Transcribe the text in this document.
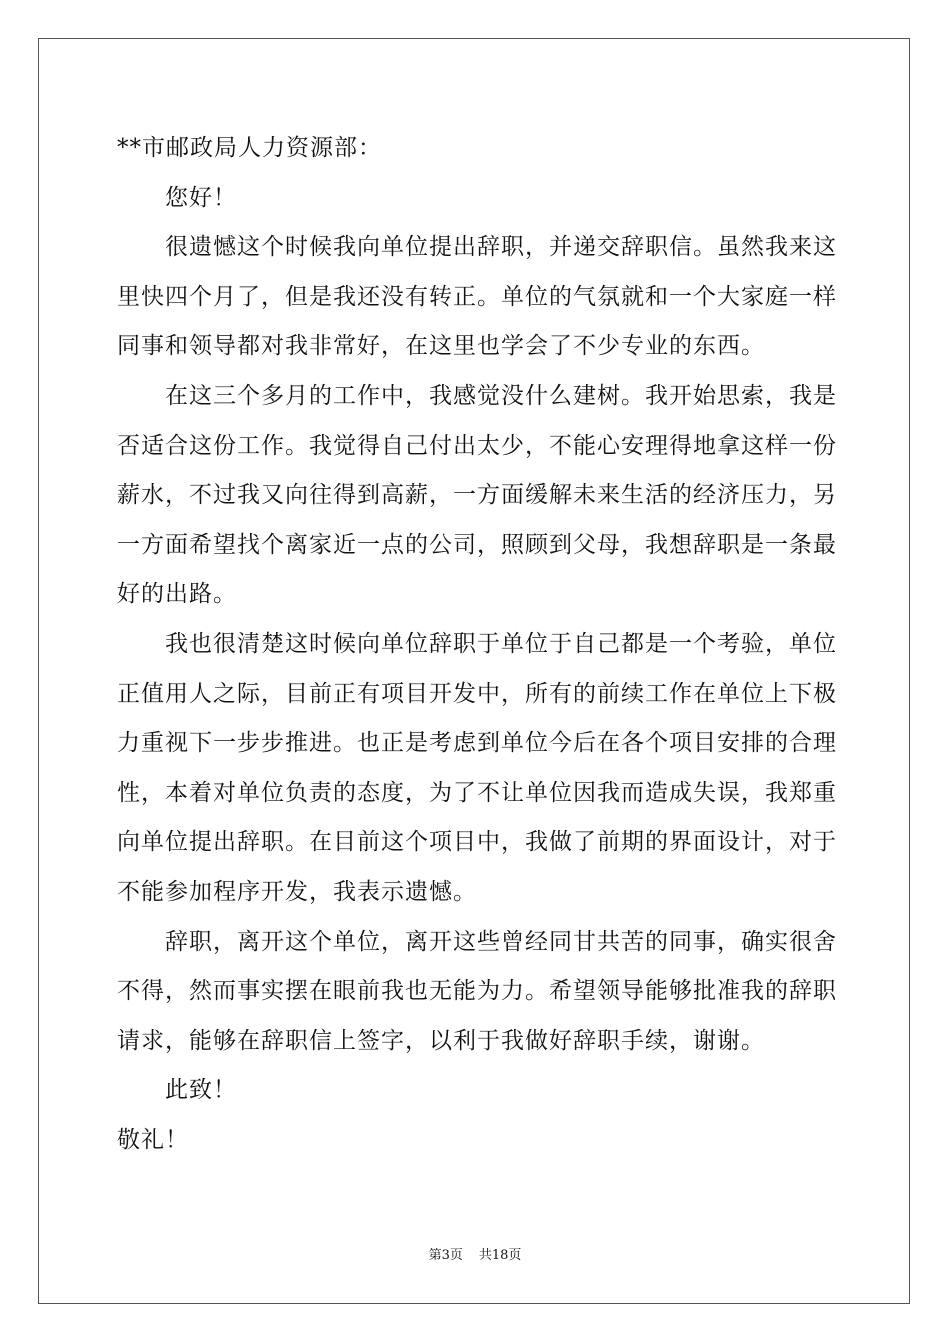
**市邮政局人力资源部：

您好！

很遗憾这个时候我向单位提出辞职，并递交辞职信。虽然我来这里快四个月了，但是我还没有转正。单位的气氛就和一个大家庭一样同事和领导都对我非常好，在这里也学会了不少专业的东西。

在这三个多月的工作中，我感觉没什么建树。我开始思索，我是否适合这份工作。我觉得自己付出太少，不能心安理得地拿这样一份薪水，不过我又向往得到高薪，一方面缓解未来生活的经济压力，另一方面希望找个离家近一点的公司，照顾到父母，我想辞职是一条最好的出路。

我也很清楚这时候向单位辞职于单位于自己都是一个考验，单位正值用人之际，目前正有项目开发中，所有的前续工作在单位上下极力重视下一步步推进。也正是考虑到单位今后在各个项目安排的合理性，本着对单位负责的态度，为了不让单位因我而造成失误，我郑重向单位提出辞职。在目前这个项目中，我做了前期的界面设计，对于不能参加程序开发，我表示遗憾。

辞职，离开这个单位，离开这些曾经同甘共苦的同事，确实很舍不得，然而事实摆在眼前我也无能为力。希望领导能够批准我的辞职请求，能够在辞职信上签字，以利于我做好辞职手续，谢谢。

此致！

敬礼！

第3页 共18页
